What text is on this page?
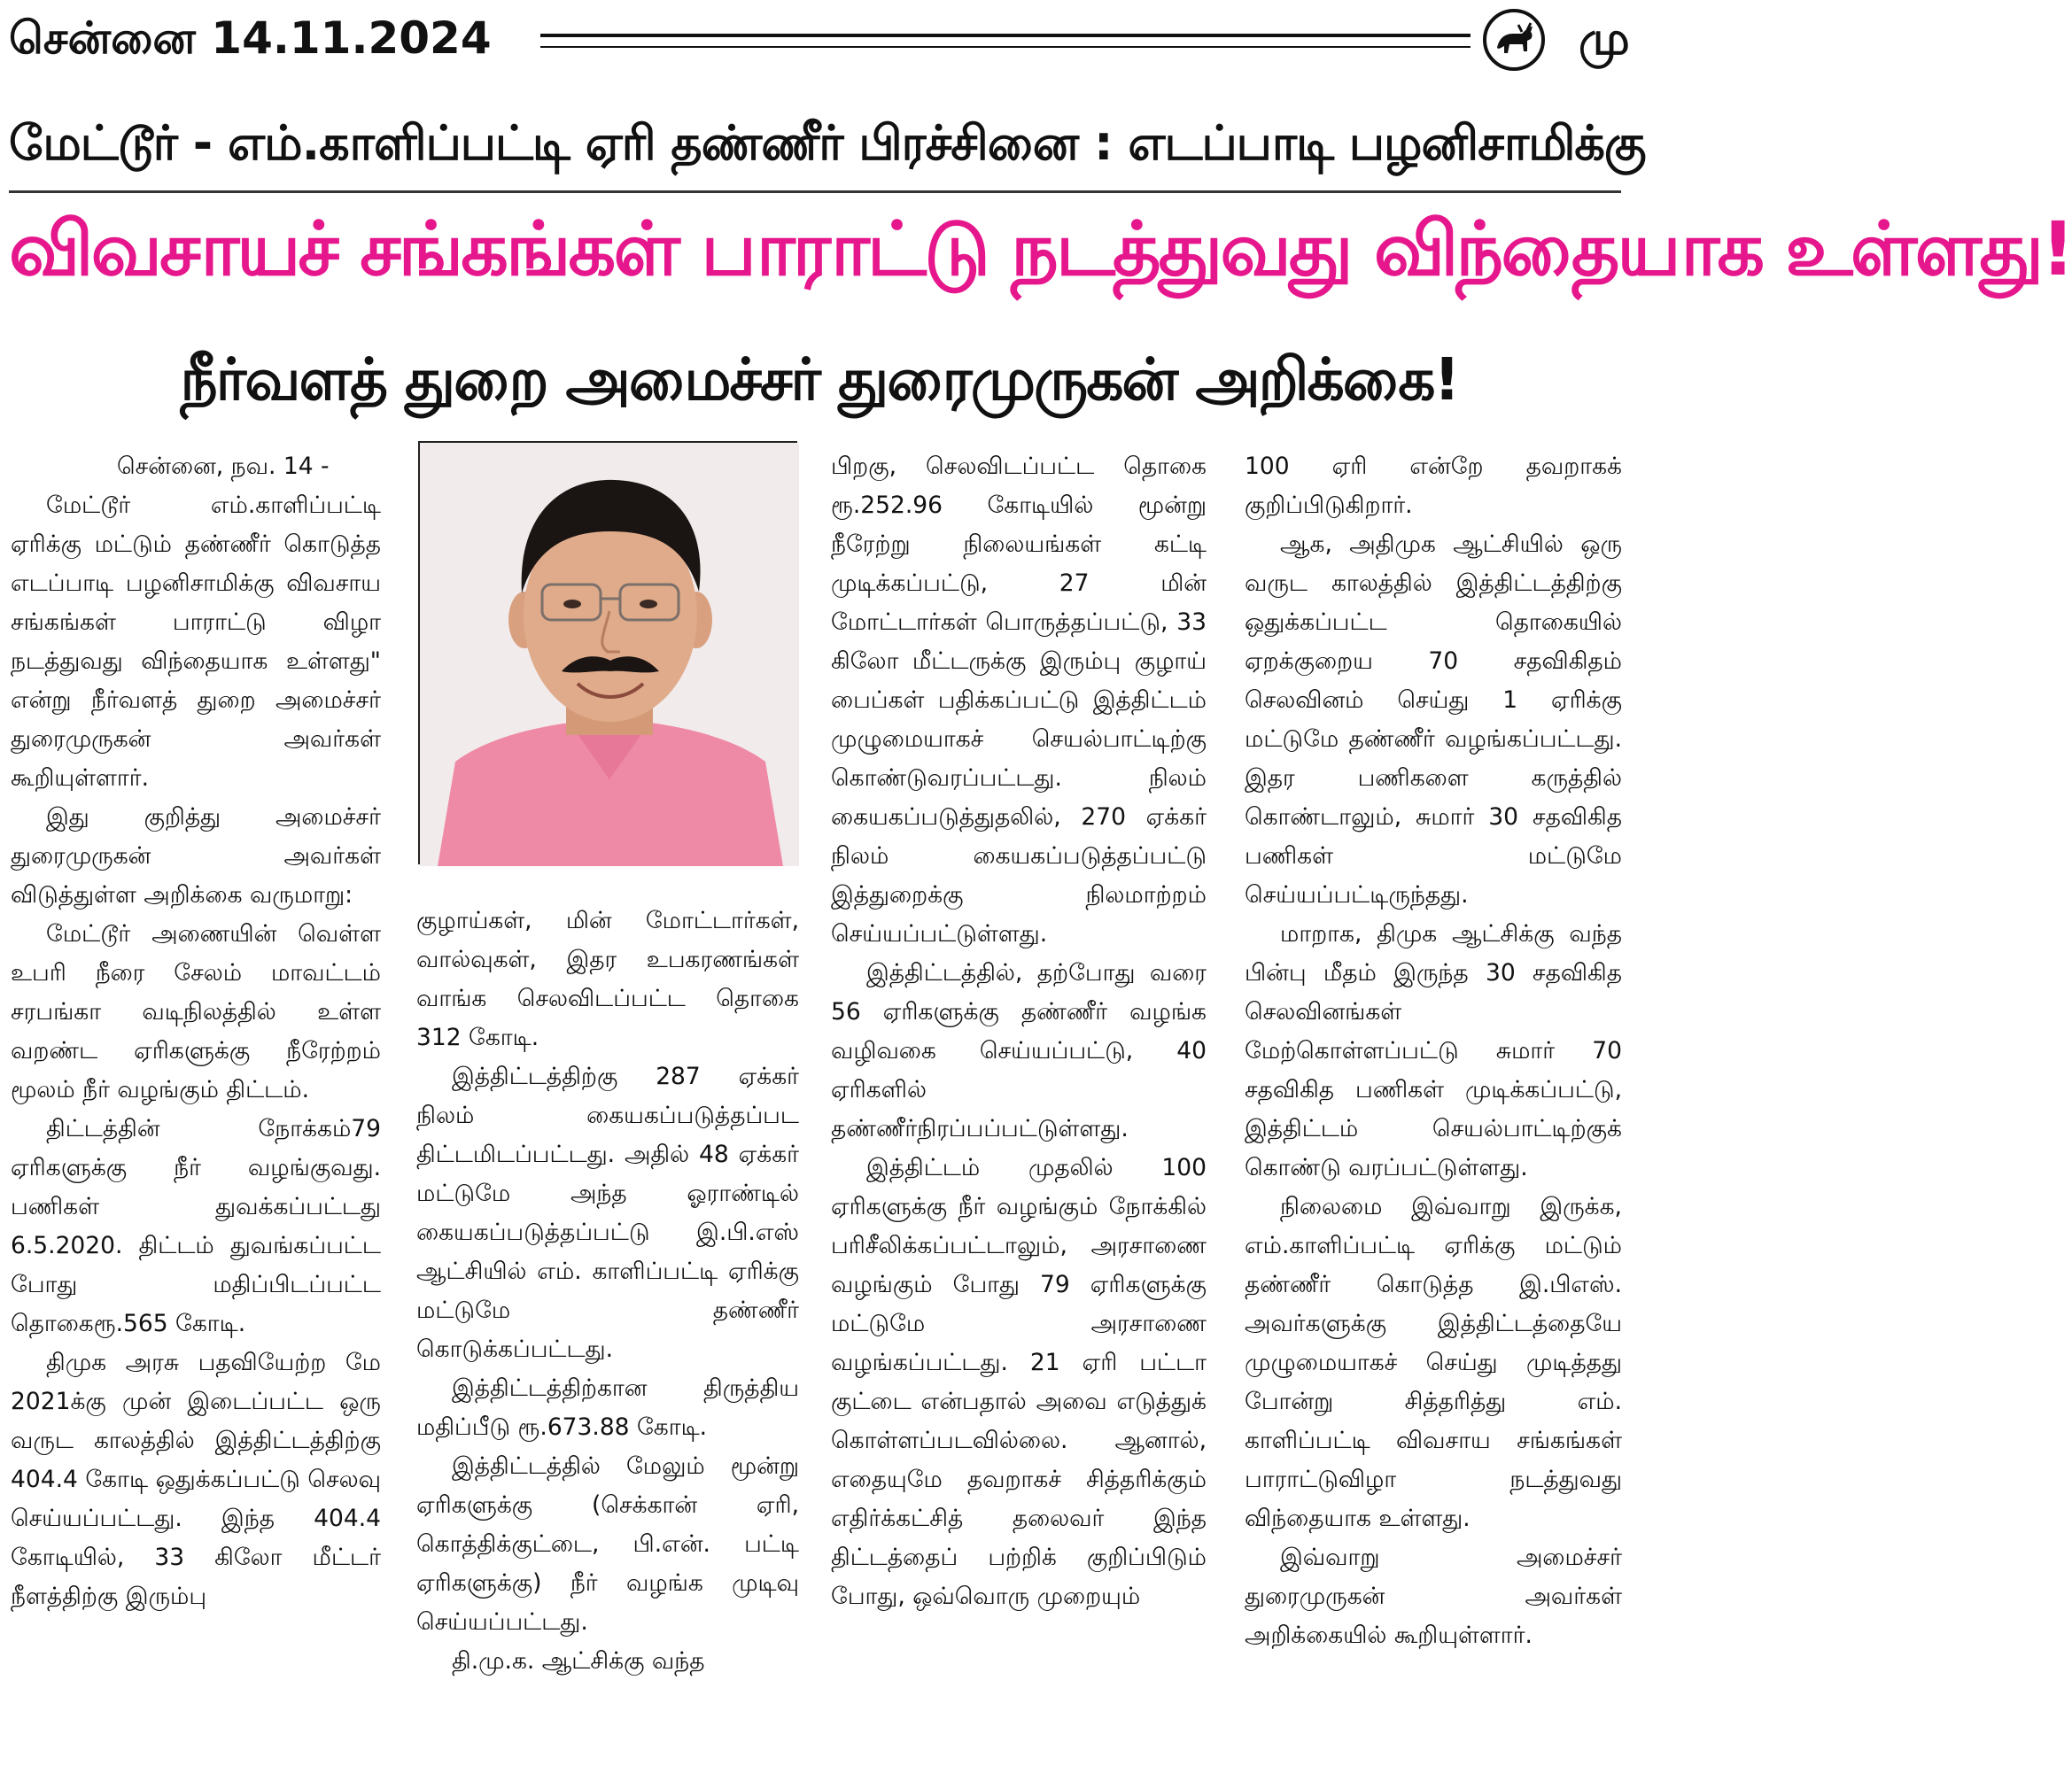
சென்னை 14.11.2024	மு
மேட்டூர் - எம்.காளிப்பட்டி ஏரி தண்ணீர் பிரச்சினை : எடப்பாடி பழனிசாமிக்கு
விவசாயச் சங்கங்கள் பாராட்டு நடத்துவது விந்தையாக உள்ளது!
நீர்வளத் துறை அமைச்சர் துரைமுருகன் அறிக்கை!

சென்னை, நவ. 14 -

மேட்டூர் எம்.காளிப்பட்டி ஏரிக்கு மட்டும் தண்ணீர் கொடுத்த எடப்பாடி பழனிசாமிக்கு விவசாய சங்கங்கள் பாராட்டு விழா நடத்துவது விந்தையாக உள்ளது" என்று நீர்வளத் துறை அமைச்சர் துரைமுருகன் அவர்கள் கூறியுள்ளார்.

இது குறித்து அமைச்சர் துரைமுருகன் அவர்கள் விடுத்துள்ள அறிக்கை வருமாறு:

மேட்டூர் அணையின் வெள்ள உபரி நீரை சேலம் மாவட்டம் சரபங்கா வடிநிலத்தில் உள்ள வறண்ட ஏரிகளுக்கு நீரேற்றம் மூலம் நீர் வழங்கும் திட்டம்.

திட்டத்தின் நோக்கம்79 ஏரிகளுக்கு நீர் வழங்குவது. பணிகள் துவக்கப்பட்டது 6.5.2020. திட்டம் துவங்கப்பட்ட போது மதிப்பிடப்பட்ட தொகைரூ.565 கோடி.

திமுக அரசு பதவியேற்ற மே 2021க்கு முன் இடைப்பட்ட ஒரு வருட காலத்தில் இத்திட்டத்திற்கு 404.4 கோடி ஒதுக்கப்பட்டு செலவு செய்யப்பட்டது. இந்த 404.4 கோடியில், 33 கிலோ மீட்டர் நீளத்திற்கு இரும்பு

குழாய்கள், மின் மோட்டார்கள், வால்வுகள், இதர உபகரணங்கள் வாங்க செலவிடப்பட்ட தொகை 312 கோடி.

இத்திட்டத்திற்கு 287 ஏக்கர் நிலம் கையகப்படுத்தப்பட திட்டமிடப்பட்டது. அதில் 48 ஏக்கர் மட்டுமே அந்த ஓராண்டில் கையகப்படுத்தப்பட்டு இ.பி.எஸ் ஆட்சியில் எம். காளிப்பட்டி ஏரிக்கு மட்டுமே தண்ணீர் கொடுக்கப்பட்டது.

இத்திட்டத்திற்கான திருத்திய மதிப்பீடு ரூ.673.88 கோடி.

இத்திட்டத்தில் மேலும் மூன்று ஏரிகளுக்கு (செக்கான் ஏரி, கொத்திக்குட்டை, பி.என். பட்டி ஏரிகளுக்கு) நீர் வழங்க முடிவு செய்யப்பட்டது.

தி.மு.க. ஆட்சிக்கு வந்த

பிறகு, செலவிடப்பட்ட தொகை ரூ.252.96 கோடியில் மூன்று நீரேற்று நிலையங்கள் கட்டி முடிக்கப்பட்டு, 27 மின் மோட்டார்கள் பொருத்தப்பட்டு, 33 கிலோ மீட்டருக்கு இரும்பு குழாய் பைப்கள் பதிக்கப்பட்டு இத்திட்டம் முழுமையாகச் செயல்பாட்டிற்கு கொண்டுவரப்பட்டது. நிலம் கையகப்படுத்துதலில், 270 ஏக்கர் நிலம் கையகப்படுத்தப்பட்டு இத்துறைக்கு நிலமாற்றம் செய்யப்பட்டுள்ளது.

இத்திட்டத்தில், தற்போது வரை 56 ஏரிகளுக்கு தண்ணீர் வழங்க வழிவகை செய்யப்பட்டு, 40 ஏரிகளில் தண்ணீர்நிரப்பப்பட்டுள்ளது.

இத்திட்டம் முதலில் 100 ஏரிகளுக்கு நீர் வழங்கும் நோக்கில் பரிசீலிக்கப்பட்டாலும், அரசாணை வழங்கும் போது 79 ஏரிகளுக்கு மட்டுமே அரசாணை வழங்கப்பட்டது. 21 ஏரி பட்டா குட்டை என்பதால் அவை எடுத்துக் கொள்ளப்படவில்லை. ஆனால், எதையுமே தவறாகச் சித்தரிக்கும் எதிர்க்கட்சித் தலைவர் இந்த திட்டத்தைப் பற்றிக் குறிப்பிடும் போது, ஒவ்வொரு முறையும்

100 ஏரி என்றே தவறாகக் குறிப்பிடுகிறார்.

ஆக, அதிமுக ஆட்சியில் ஒரு வருட காலத்தில் இத்திட்டத்திற்கு ஒதுக்கப்பட்ட தொகையில் ஏறக்குறைய 70 சதவிகிதம் செலவினம் செய்து 1 ஏரிக்கு மட்டுமே தண்ணீர் வழங்கப்பட்டது. இதர பணிகளை கருத்தில் கொண்டாலும், சுமார் 30 சதவிகித பணிகள் மட்டுமே செய்யப்பட்டிருந்தது.

மாறாக, திமுக ஆட்சிக்கு வந்த பின்பு மீதம் இருந்த 30 சதவிகித செலவினங்கள் மேற்கொள்ளப்பட்டு சுமார் 70 சதவிகித பணிகள் முடிக்கப்பட்டு, இத்திட்டம் செயல்பாட்டிற்குக் கொண்டு வரப்பட்டுள்ளது.

நிலைமை இவ்வாறு இருக்க, எம்.காளிப்பட்டி ஏரிக்கு மட்டும் தண்ணீர் கொடுத்த இ.பிஎஸ். அவர்களுக்கு இத்திட்டத்தையே முழுமையாகச் செய்து முடித்தது போன்று சித்தரித்து எம். காளிப்பட்டி விவசாய சங்கங்கள் பாராட்டுவிழா நடத்துவது விந்தையாக உள்ளது.

இவ்வாறு அமைச்சர் துரைமுருகன் அவர்கள் அறிக்கையில் கூறியுள்ளார்.
